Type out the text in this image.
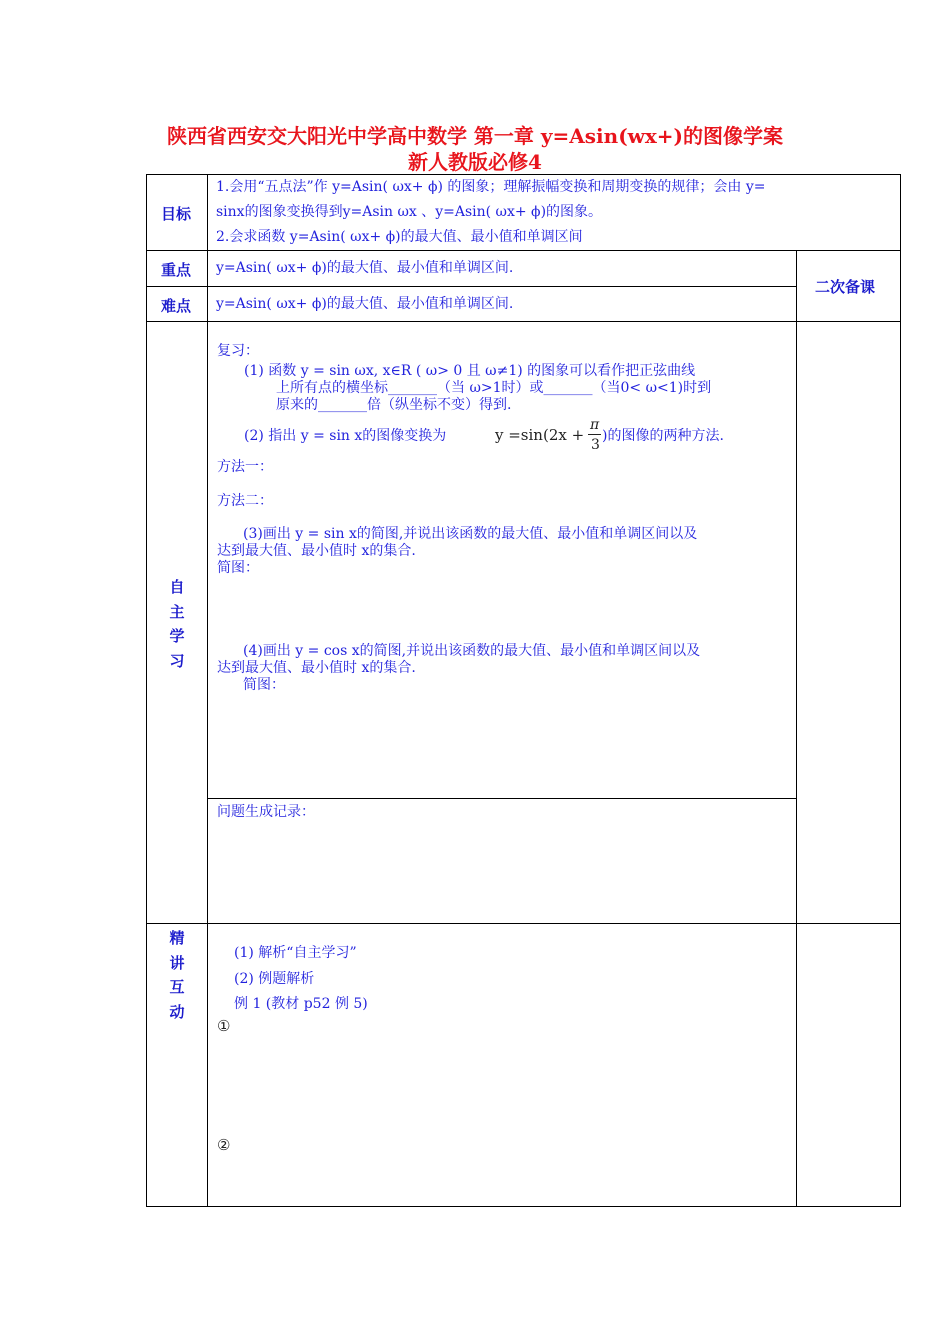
陕西省西安交大阳光中学高中数学 第一章 y=Asin(wx+)的图像学案
新人教版必修4
目标
1.会用“五点法”作 y=Asin( ωx+ ϕ) 的图象；理解振幅变换和周期变换的规律；会由 y=
sinx的图象变换得到y=Asin ωx 、y=Asin( ωx+ ϕ)的图象。
2.会求函数 y=Asin( ωx+ ϕ)的最大值、最小值和单调区间
重点 y=Asin( ωx+ ϕ)的最大值、最小值和单调区间.
二次备课
难点 y=Asin( ωx+ ϕ)的最大值、最小值和单调区间.
自主学习
复习：
(1) 函数 y = sin ωx, x∈R ( ω> 0 且 ω≠1) 的图象可以看作把正弦曲线
上所有点的横坐标_______（当 ω>1时）或_______（当0< ω<1)时到
原来的_______倍（纵坐标不变）得到.
(2) 指出 y = sin x的图像变换为	y =sin(2x +
π
3
)的图像的两种方法.
方法一：
方法二：
(3)画出 y = sin x的简图,并说出该函数的最大值、最小值和单调区间以及
达到最大值、最小值时 x的集合.
简图：
(4)画出 y = cos x的简图,并说出该函数的最大值、最小值和单调区间以及
达到最大值、最小值时 x的集合.
简图：
问题生成记录：
精讲互动
(1) 解析“自主学习”
(2) 例题解析
例 1 (教材 p52 例 5)
①
②
